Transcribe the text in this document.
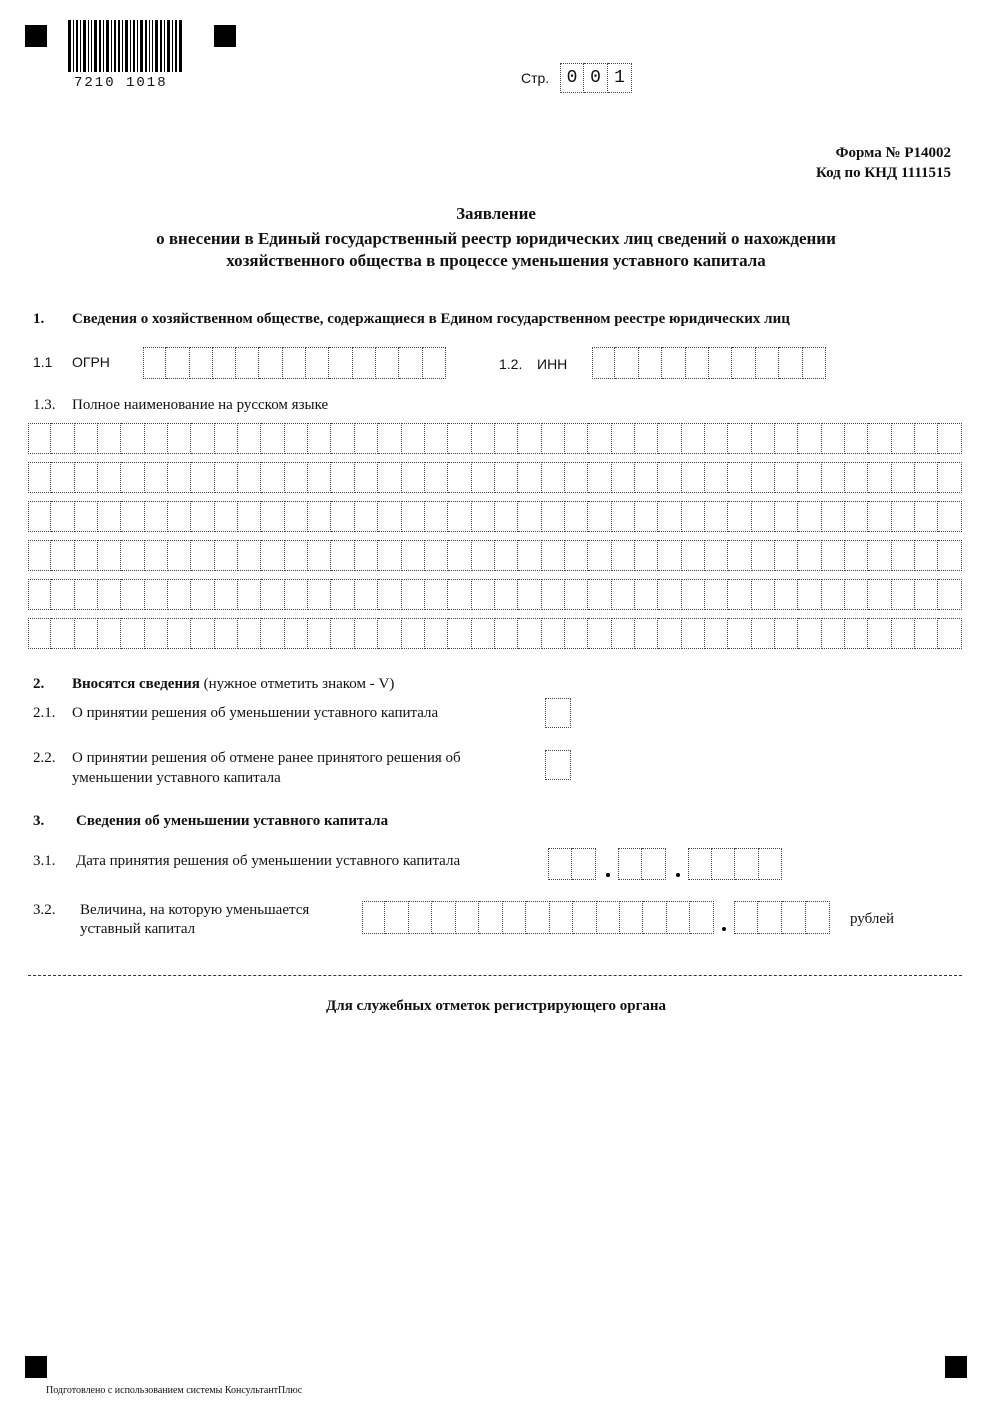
7210 1018	Стр. 0 0 1
Форма № Р14002
Код по КНД 1111515
Заявление
о внесении в Единый государственный реестр юридических лиц сведений о нахождении
хозяйственного общества в процессе уменьшения уставного капитала
1. Сведения о хозяйственном обществе, содержащиеся в Едином государственном реестре юридических лиц
1.1 ОГРН	1.2. ИНН
1.3. Полное наименование на русском языке
2. Вносятся сведения (нужное отметить знаком - V)
2.1. О принятии решения об уменьшении уставного капитала
2.2. О принятии решения об отмене ранее принятого решения об
уменьшении уставного капитала
3. Сведения об уменьшении уставного капитала
3.1. Дата принятия решения об уменьшении уставного капитала
3.2. Величина, на которую уменьшается
уставный капитал
рублей
Для служебных отметок регистрирующего органа
Подготовлено с использованием системы КонсультантПлюс
